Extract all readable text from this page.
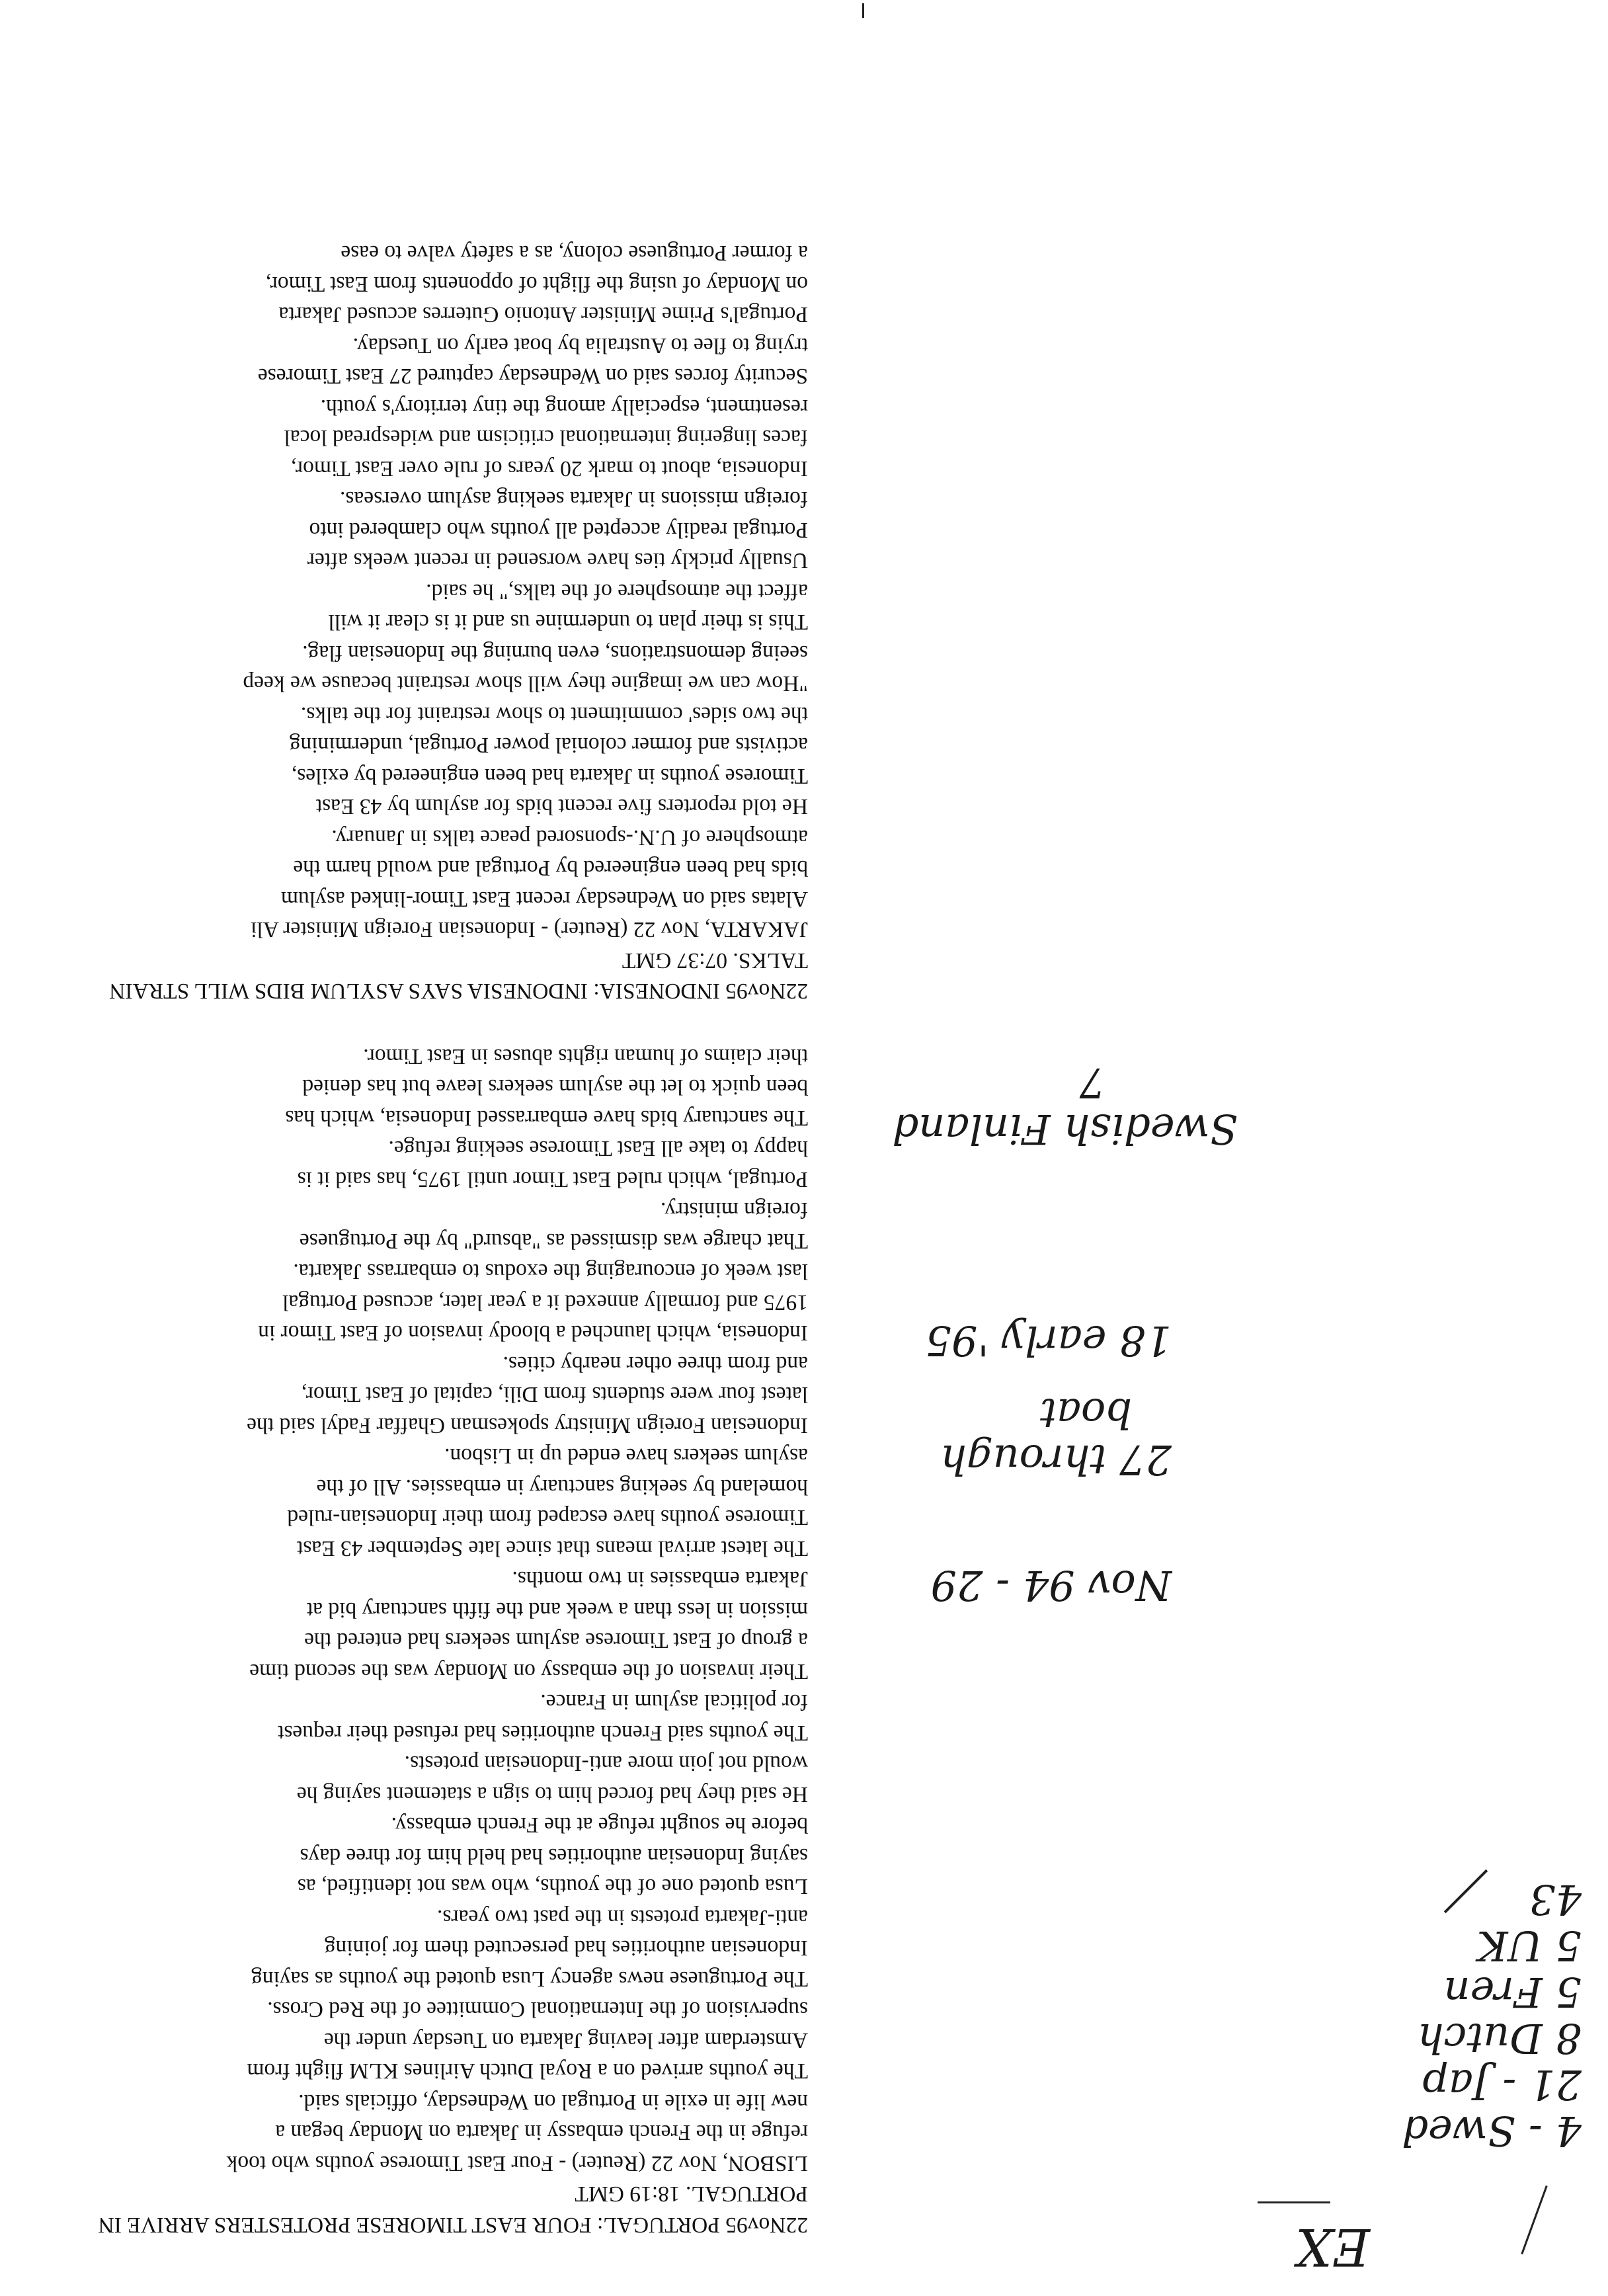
22Nov95 PORTUGAL: FOUR EAST TIMORESE PROTESTERS ARRIVE IN
PORTUGAL. 18:19 GMT
LISBON, Nov 22 (Reuter) - Four East Timorese youths who took
refuge in the French embassy in Jakarta on Monday began a
new life in exile in Portugal on Wednesday, officials said.
The youths arrived on a Royal Dutch Airlines KLM flight from
Amsterdam after leaving Jakarta on Tuesday under the
supervision of the International Committee of the Red Cross.
The Portuguese news agency Lusa quoted the youths as saying
Indonesian authorities had persecuted them for joining
anti-Jakarta protests in the past two years.
Lusa quoted one of the youths, who was not identified, as
saying Indonesian authorities had held him for three days
before he sought refuge at the French embassy.
He said they had forced him to sign a statement saying he
would not join more anti-Indonesian protests.
The youths said French authorities had refused their request
for political asylum in France.
Their invasion of the embassy on Monday was the second time
a group of East Timorese asylum seekers had entered the
mission in less than a week and the fifth sanctuary bid at
Jakarta embassies in two months.
The latest arrival means that since late September 43 East
Timorese youths have escaped from their Indonesian-ruled
homeland by seeking sanctuary in embassies. All of the
asylum seekers have ended up in Lisbon.
Indonesian Foreign Ministry spokesman Ghaffar Fadyl said the
latest four were students from Dili, capital of East Timor,
and from three other nearby cities.
Indonesia, which launched a bloody invasion of East Timor in
1975 and formally annexed it a year later, accused Portugal
last week of encouraging the exodus to embarrass Jakarta.
That charge was dismissed as "absurd" by the Portuguese
foreign ministry.
Portugal, which ruled East Timor until 1975, has said it is
happy to take all East Timorese seeking refuge.
The sanctuary bids have embarrassed Indonesia, which has
been quick to let the asylum seekers leave but has denied
their claims of human rights abuses in East Timor.
22Nov95 INDONESIA: INDONESIA SAYS ASYLUM BIDS WILL STRAIN
TALKS. 07:37 GMT
JAKARTA, Nov 22 (Reuter) - Indonesian Foreign Minister Ali
Alatas said on Wednesday recent East Timor-linked asylum
bids had been engineered by Portugal and would harm the
atmosphere of U.N.-sponsored peace talks in January.
He told reporters five recent bids for asylum by 43 East
Timorese youths in Jakarta had been engineered by exiles,
activists and former colonial power Portugal, undermining
the two sides' commitment to show restraint for the talks.
"How can we imagine they will show restraint because we keep
seeing demonstrations, even burning the Indonesian flag.
This is their plan to undermine us and it is clear it will
affect the atmosphere of the talks," he said.
Usually prickly ties have worsened in recent weeks after
Portugal readily accepted all youths who clambered into
foreign missions in Jakarta seeking asylum overseas.
Indonesia, about to mark 20 years of rule over East Timor,
faces lingering international criticism and widespread local
resentment, especially among the tiny territory's youth.
Security forces said on Wednesday captured 27 East Timorese
trying to flee to Australia by boat early on Tuesday.
Portugal's Prime Minister Antonio Guterres accused Jakarta
on Monday of using the flight of opponents from East Timor,
a former Portuguese colony, as a safety valve to ease
EX
4 - Swed
21 - Jap
8 Dutch
5 Fren
5 UK
43
Nov 94 - 29
27 through
boat
18 early '95
Swedish Finland
7
